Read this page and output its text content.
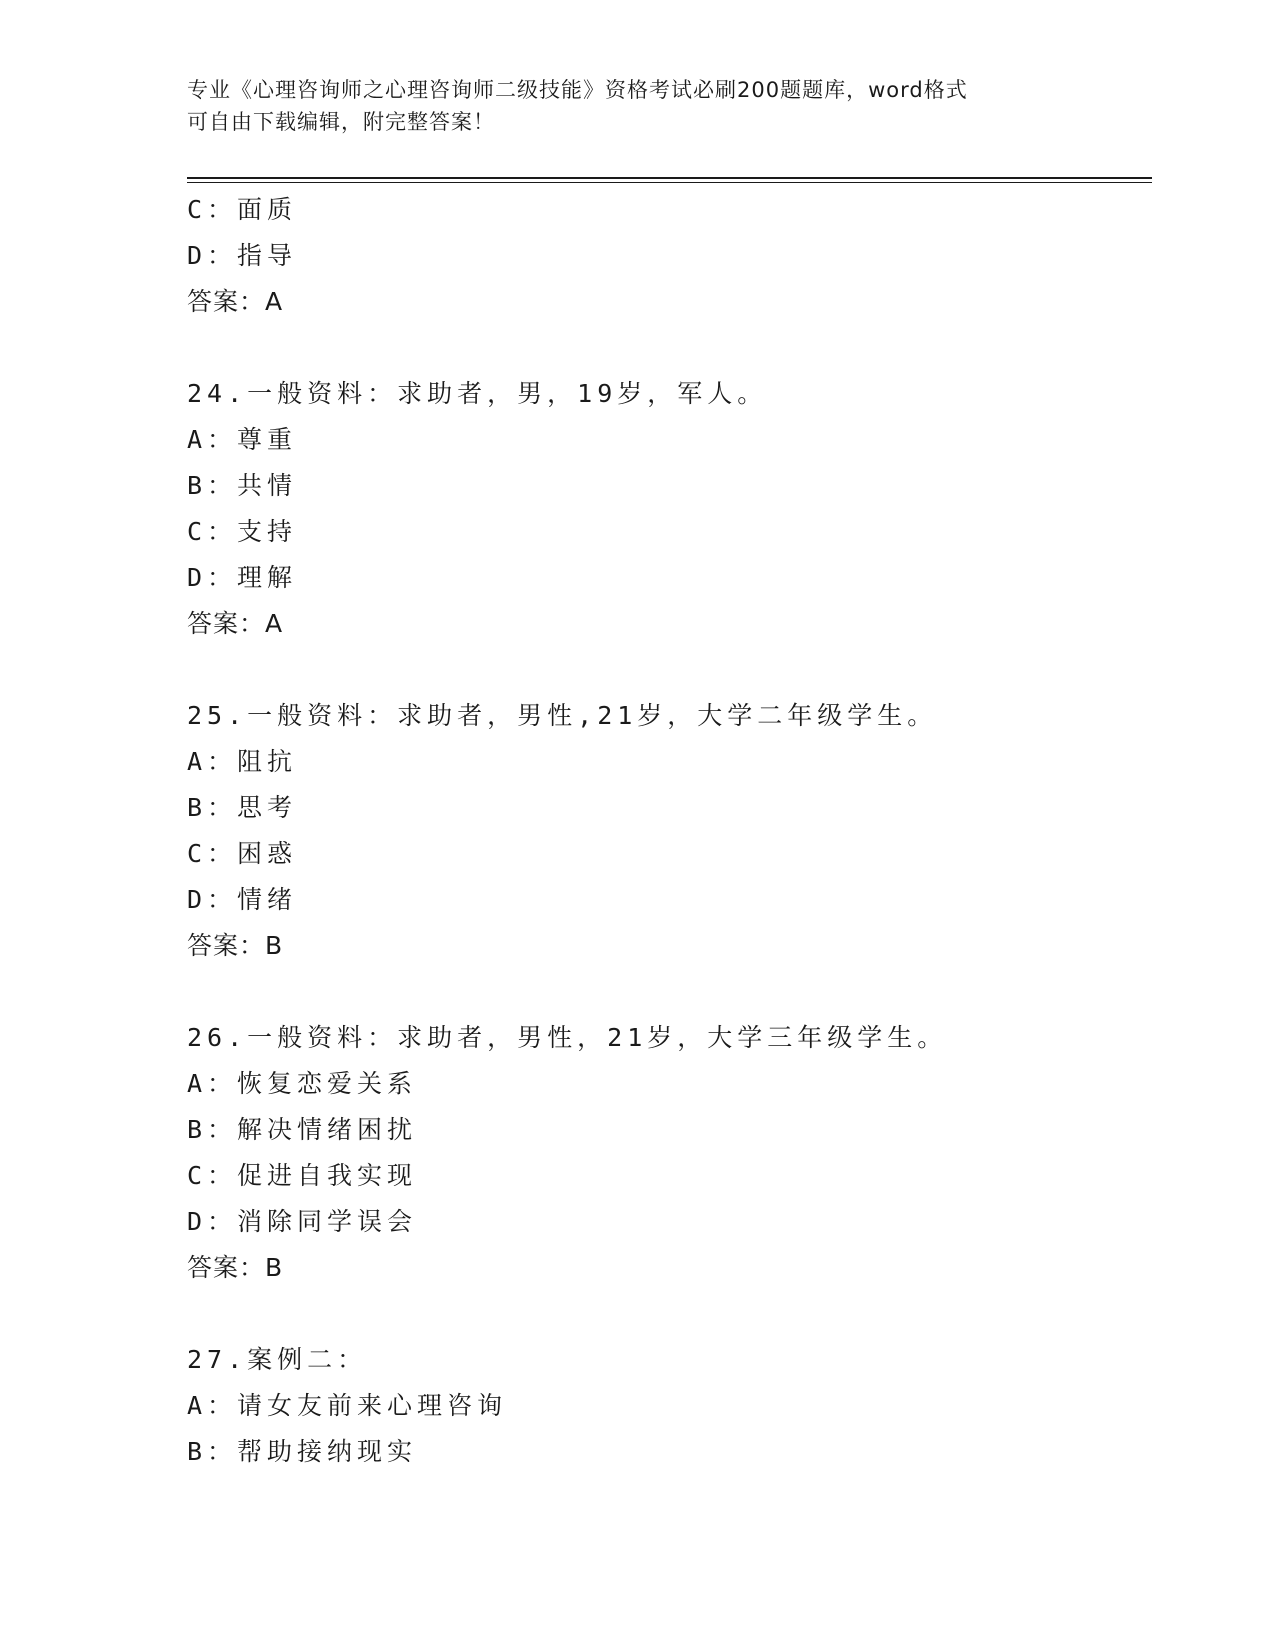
专业《心理咨询师之心理咨询师二级技能》资格考试必刷200题题库，word格式
可自由下载编辑，附完整答案！
C：面质
D：指导
答案：A
24.一般资料：求助者，男，19岁，军人。
A：尊重
B：共情
C：支持
D：理解
答案：A
25.一般资料：求助者，男性,21岁，大学二年级学生。
A：阻抗
B：思考
C：困惑
D：情绪
答案：B
26.一般资料：求助者，男性，21岁，大学三年级学生。
A：恢复恋爱关系
B：解决情绪困扰
C：促进自我实现
D：消除同学误会
答案：B
27.案例二：
A：请女友前来心理咨询
B：帮助接纳现实
